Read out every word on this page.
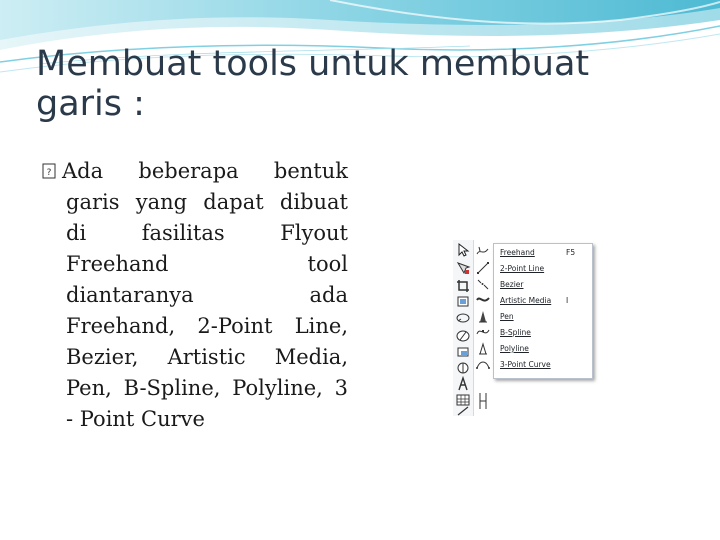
Membuat tools untuk membuat garis :
? Ada beberapa bentuk
garis yang dapat dibuat
di fasilitas Flyout
Freehand tool
diantaranya ada
Freehand, 2-Point Line,
Bezier, Artistic Media,
Pen, B-Spline, Polyline, 3
- Point Curve
Freehand	F5
2-Point Line
Bezier
Artistic Media I
Pen
B-Spline
Polyline
3-Point Curve
